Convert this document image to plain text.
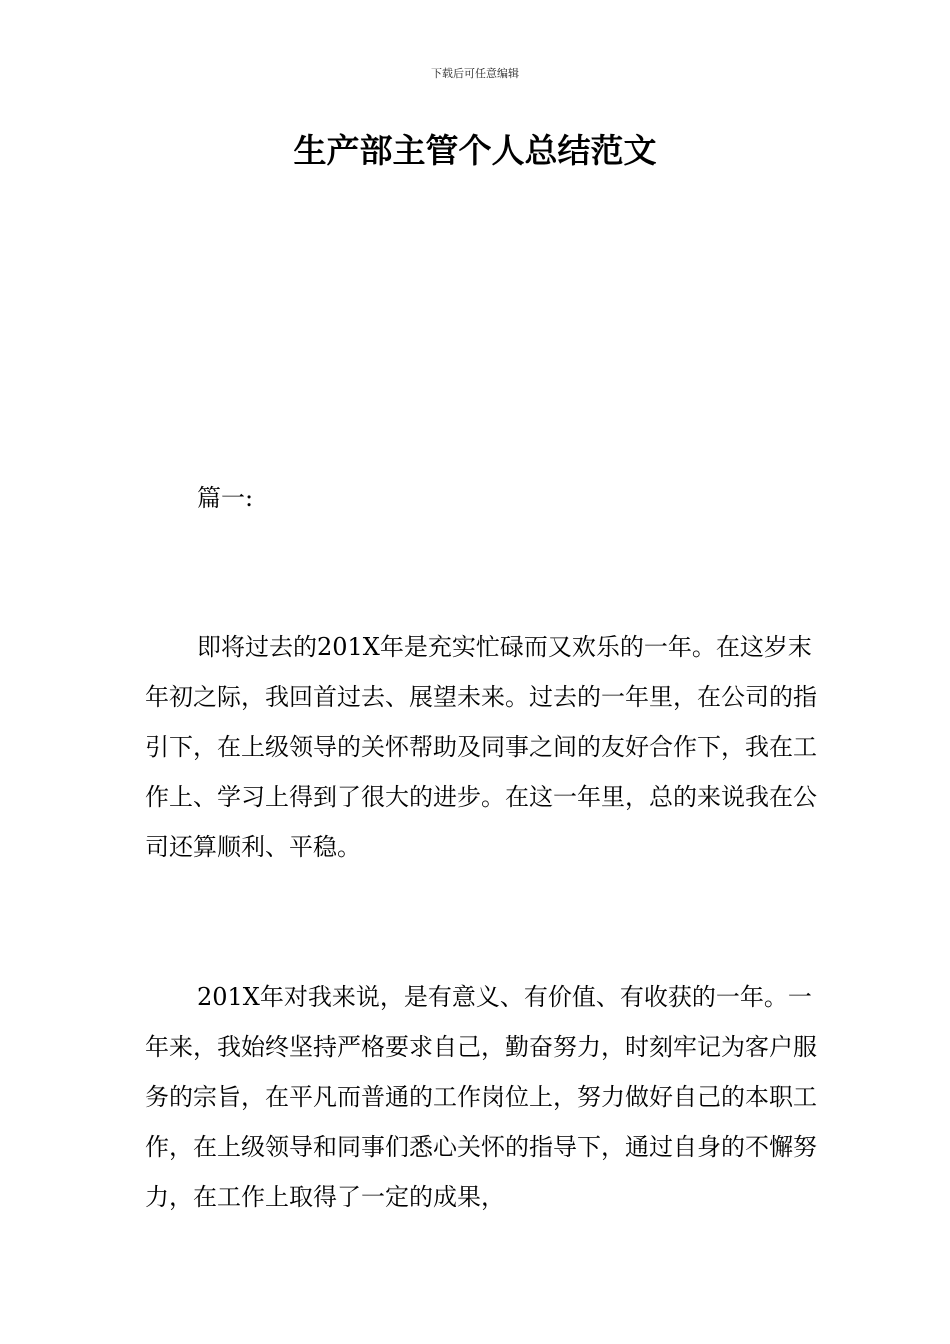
下载后可任意编辑
生产部主管个人总结范文

篇一:

即将过去的201X年是充实忙碌而又欢乐的一年。在这岁末年初之际，我回首过去、展望未来。过去的一年里，在公司的指引下，在上级领导的关怀帮助及同事之间的友好合作下，我在工作上、学习上得到了很大的进步。在这一年里，总的来说我在公司还算顺利、平稳。

201X年对我来说，是有意义、有价值、有收获的一年。一年来，我始终坚持严格要求自己，勤奋努力，时刻牢记为客户服务的宗旨，在平凡而普通的工作岗位上，努力做好自己的本职工作，在上级领导和同事们悉心关怀的指导下，通过自身的不懈努力，在工作上取得了一定的成果，
